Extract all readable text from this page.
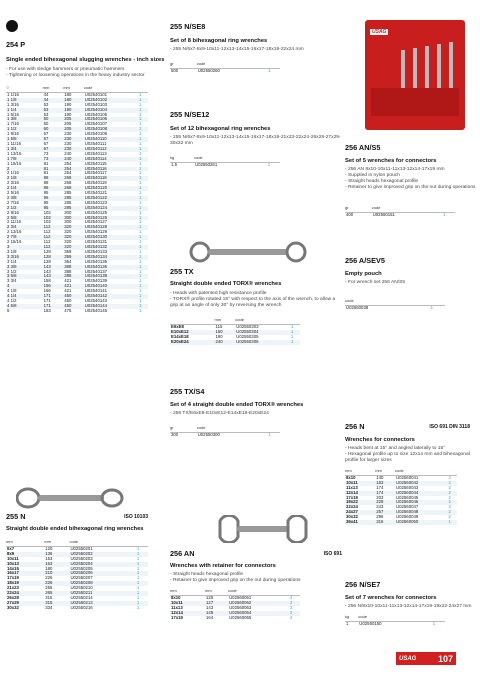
254 P
Single ended bihexagonal slugging wrenches - inch sizes
- For use with sledge hammers or pneumatic hammers
- Tightening or loosening operations in the heavy industry sector
○	mm	mm	code	
1 1/16	44	180	U02540101	1
1 1/8	44	180	U02540102	1
1 3/16	53	190	U02540103	1
1 1/4	53	190	U02540104	1
1 5/16	53	190	U02540105	1
1 3/8	60	205	U02540106	1
1 7/16	60	205	U02540107	1
1 1/2	60	205	U02540108	1
1 9/16	67	230	U02540109	1
1 5/8	67	230	U02540110	1
1 11/16	67	230	U02540111	1
1 3/4	67	230	U02540112	1
1 13/16	73	240	U02540113	1
1 7/8	73	240	U02540114	1
1 15/16	81	254	U02540115	1
2	81	254	U02540116	1
2 1/16	81	254	U02540117	1
2 1/8	88	268	U02540118	1
2 3/16	88	268	U02540119	1
2 1/4	88	268	U02540120	1
2 5/16	95	285	U02540121	1
2 3/8	95	285	U02540122	1
2 7/16	95	285	U02540123	1
2 1/2	95	285	U02540124	1
2 9/16	102	300	U02540125	1
2 5/8	102	300	U02540126	1
2 11/16	102	300	U02540127	1
2 3/4	112	320	U02540128	1
2 13/16	112	320	U02540129	1
2 7/8	112	320	U02540130	1
2 15/16	112	320	U02540131	1
3	112	320	U02540132	1
3 1/8	128	359	U02540133	1
3 3/16	128	359	U02540134	1
3 1/4	128	364	U02540135	1
3 3/8	143	388	U02540136	1
3 1/2	143	388	U02540137	1
3 5/8	143	388	U02540138	1
3 3/4	158	421	U02540139	1
4	156	421	U02540140	1
4 1/8	156	421	U02540141	1
4 1/4	171	450	U02540142	1
4 1/2	171	450	U02540143	1
4 5/8	171	450	U02540144	1
5	183	475	U02540145	1
255 N	ISO 10103
Straight double ended bihexagonal ring wrenches
mm	mm	code	
6x7	120	U02550201	1
8x9	136	U02550202	1
10x11	153	U02550203	1
10x13	163	U02550204	1
14x15	180	U02550205	1
16x17	210	U02550206	1
17x19	226	U02550207	1
18x19	226	U02550208	1
21x23	255	U02550210	1
22x24	265	U02550211	1
26x28	315	U02550214	1
27x29	315	U02550213	1
30x32	334	U02550216	1
255 N/SE8
Set of 8 bihexagonal ring wrenches
- 255 N/6x7-8x9-10x11-12x13-14x15-16x17-18x19-22x24 mm
gr	code	
500	U02550260	1
255 N/SE12
Set of 12 bihexagonal ring wrenches
- 255 N/6x7-8x9-10x11-12x13-14x15-16x17-18x19-21x23-22x24-26x28-27x29-30x32 mm
kg	code	
1,5	U02550261	1
255 TX
Straight double ended TORX® wrenches
- Heads with patented high resistance profile
- TORX® profile rotated 15° with respect to the axis of the wrench, to allow a grip at an angle of only 30° by reversing the wrench
	mm	code	
E6xE8	115	U02550303	1
E10xE12	150	U02550304	1
E14xE18	190	U02550305	1
E20xE24	240	U02550306	1
255 TX/S4
Set of 4 straight double ended TORX® wrenches
- 255 TX/E6xE8-E10xE12-E14xE18-E20xE24
gr	code	
300	U02550300	1
256 AN	ISO 691
Wrenches with retainer for connectors
- Straight heads hexagonal profile
- Retainer to give improved grip on the nut during operations
mm	mm	code	
8x10	125	U02560061	2
10x11	127	U02560062	2
11x13	143	U02560063	2
12x14	145	U02560064	2
17x19	164	U02560065	2
USAG
256 AN/S5
Set of 5 wrenches for connectors
- 256 AN 8x10-10x11-11x13-12x14-17x19 mm
- Supplied in nylon pouch
- Straight heads hexagonal profile
- Retainer to give improved grip on the nut during operations
gr	code	
400	U02560151	1
256 A/SEV5
Empty pouch
- For wrench set 256 AN/S5
code	
U02560038	1
256 N	ISO 691 DIN 3118
Wrenches for connectors
- Heads bent at 15° and angled laterally to 15°
- Hexagonal profile up to size 12x14 mm and bihexagonal profile for larger sizes
mm	mm	code	
8x10	140	U02560041	2
10x11	153	U02560042	2
11x13	174	U02560043	2
12x14	174	U02560044	2
17x19	203	U02560045	2
19x22	228	U02560046	2
22x24	243	U02560047	2
24x27	257	U02560048	2
30x32	296	U02560049	2
36x41	316	U02560050	1
256 N/SE7
Set of 7 wrenches for connectors
- 256 N/8x10-10x11-11x13-12x14-17x19-19x22-24x27 mm
kg	code	
1	U02560150	1
USAG 107
